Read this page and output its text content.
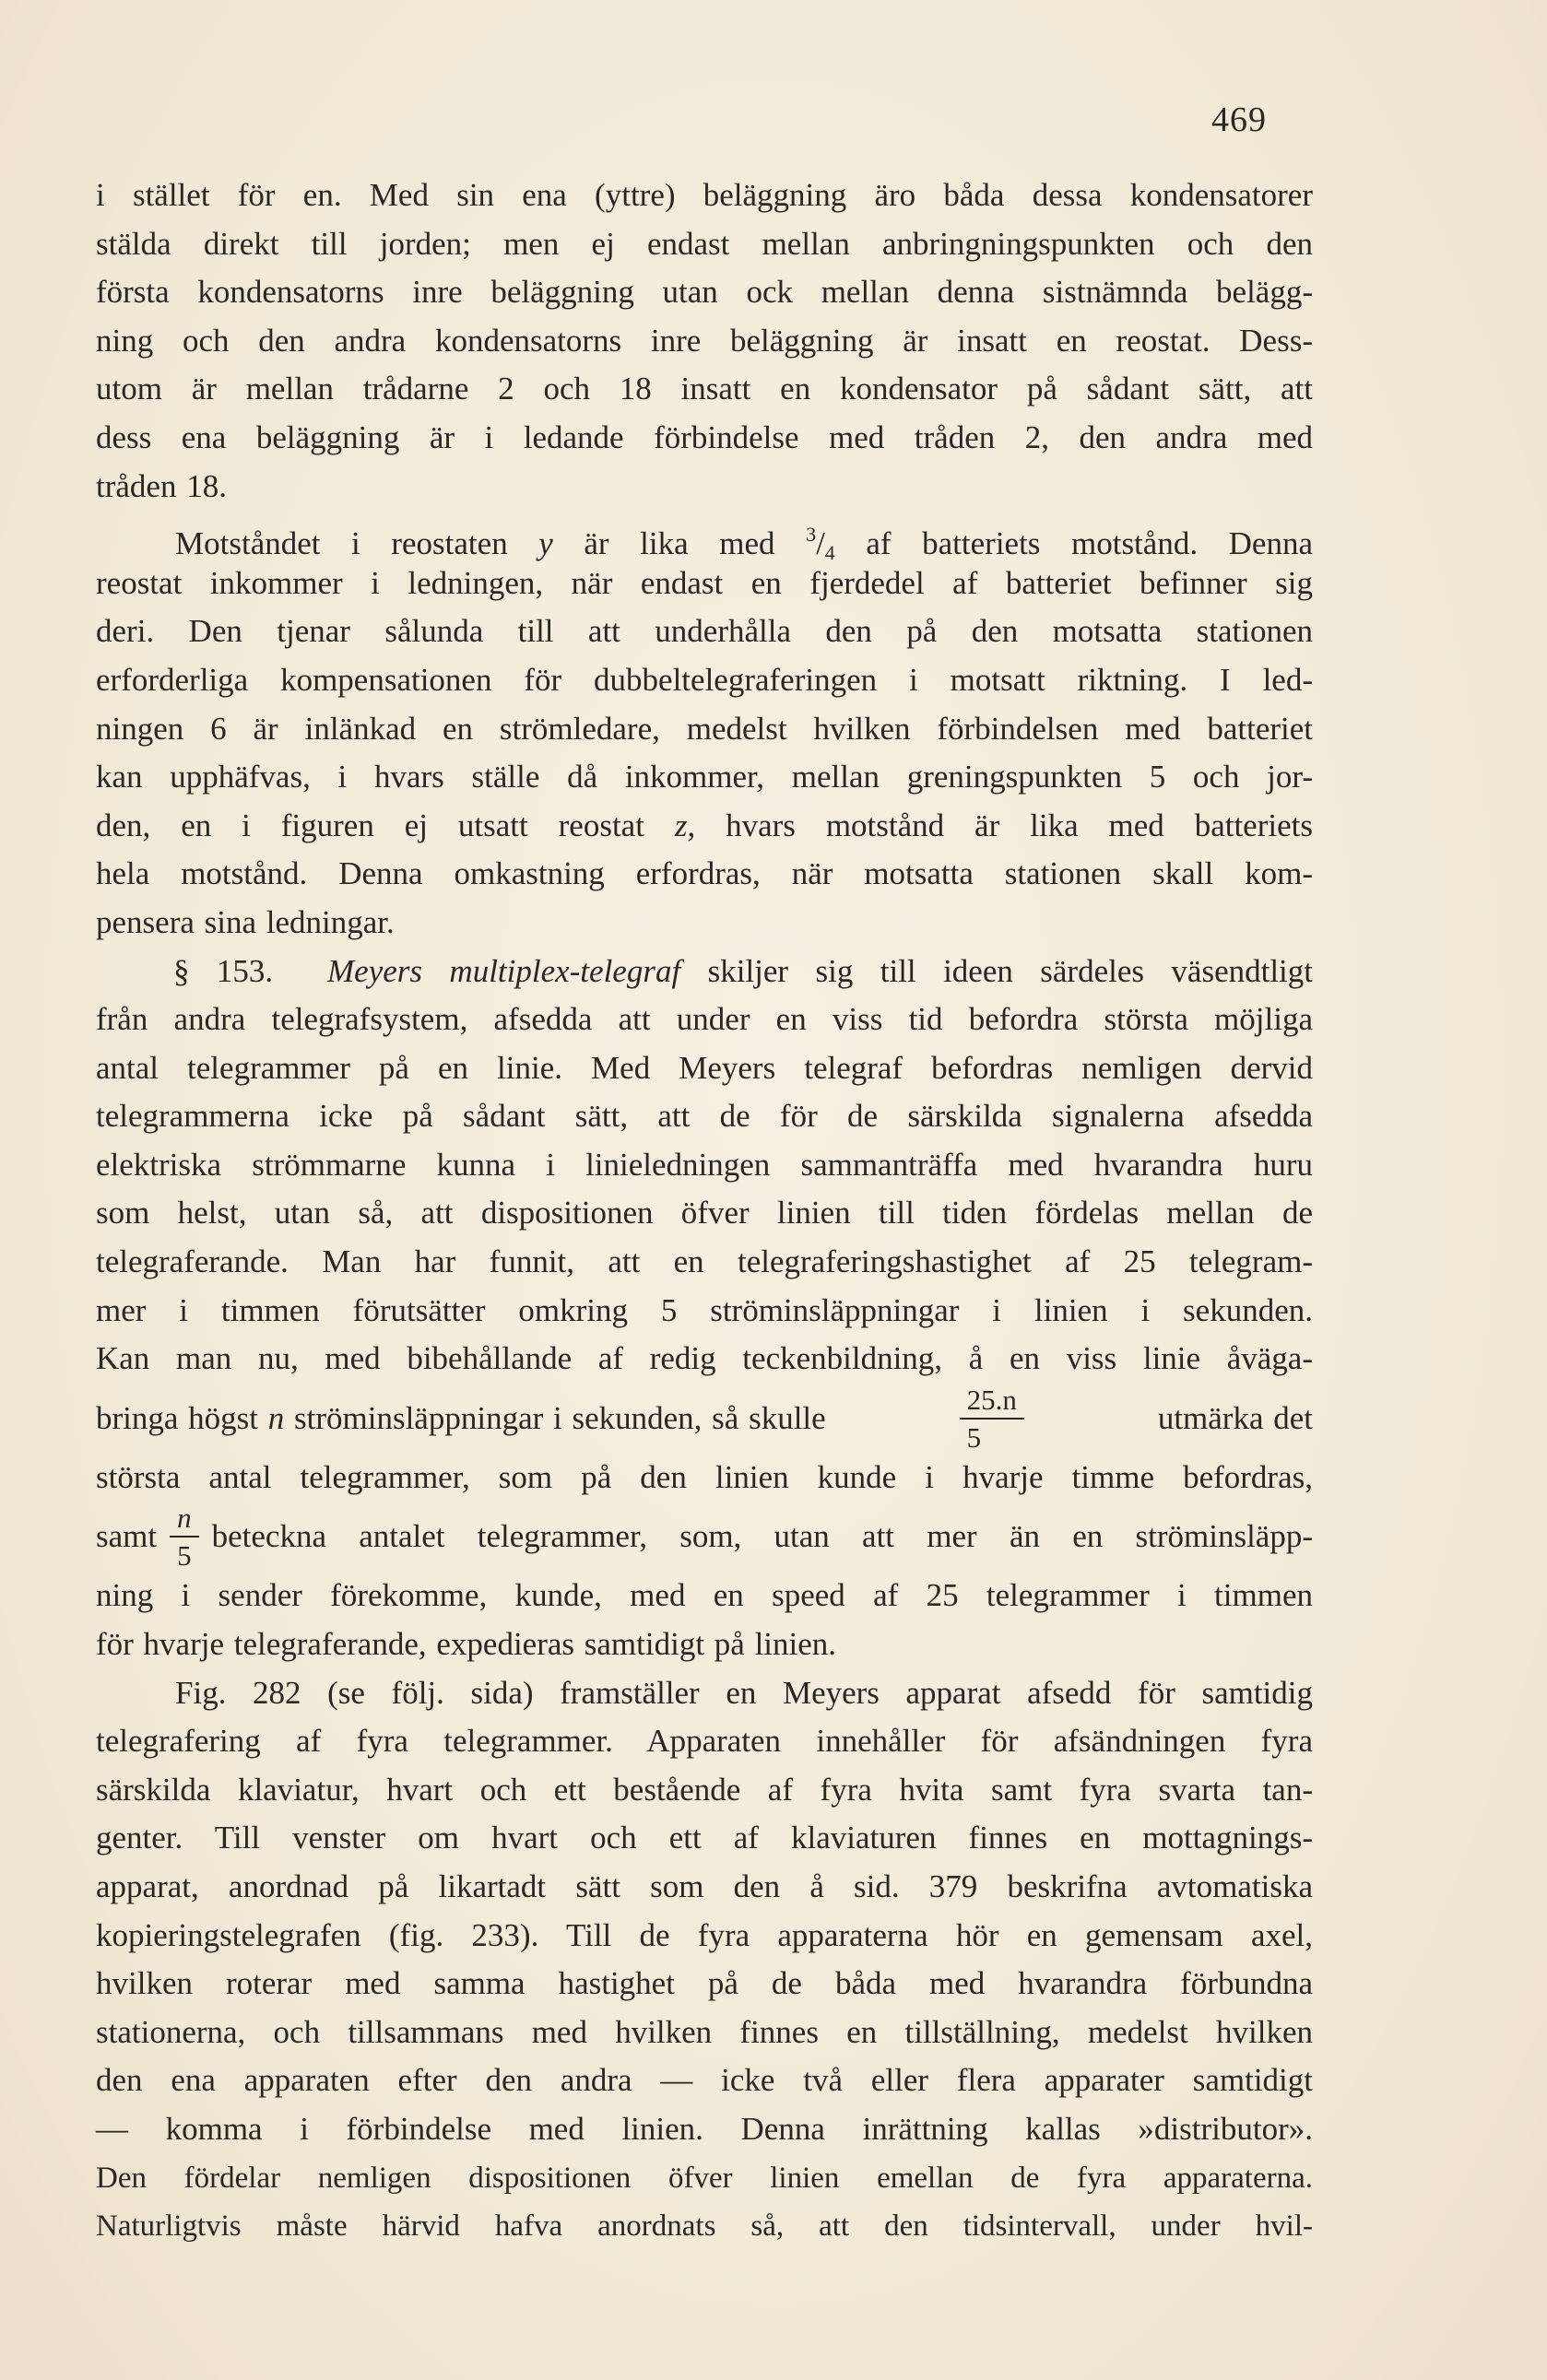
469
i stället för en. Med sin ena (yttre) beläggning äro båda dessa kondensatorer
stälda direkt till jorden; men ej endast mellan anbringningspunkten och den
första kondensatorns inre beläggning utan ock mellan denna sistnämnda belägg-
ning och den andra kondensatorns inre beläggning är insatt en reostat. Dess-
utom är mellan trådarne 2 och 18 insatt en kondensator på sådant sätt, att
dess ena beläggning är i ledande förbindelse med tråden 2, den andra med
tråden 18.
Motståndet i reostaten y är lika med $^3/_4$ af batteriets motstånd. Denna
reostat inkommer i ledningen, när endast en fjerdedel af batteriet befinner sig
deri. Den tjenar sålunda till att underhålla den på den motsatta stationen
erforderliga kompensationen för dubbeltelegraferingen i motsatt riktning. I led-
ningen 6 är inlänkad en strömledare, medelst hvilken förbindelsen med batteriet
kan upphäfvas, i hvars ställe då inkommer, mellan greningspunkten 5 och jor-
den, en i figuren ej utsatt reostat z, hvars motstånd är lika med batteriets
hela motstånd. Denna omkastning erfordras, när motsatta stationen skall kom-
pensera sina ledningar.
§ 153. Meyers multiplex-telegraf skiljer sig till ideen särdeles väsendtligt
från andra telegrafsystem, afsedda att under en viss tid befordra största möjliga
antal telegrammer på en linie. Med Meyers telegraf befordras nemligen dervid
telegrammerna icke på sådant sätt, att de för de särskilda signalerna afsedda
elektriska strömmarne kunna i linieledningen sammanträffa med hvarandra huru
som helst, utan så, att dispositionen öfver linien till tiden fördelas mellan de
telegraferande. Man har funnit, att en telegraferingshastighet af 25 telegram-
mer i timmen förutsätter omkring 5 ströminsläppningar i linien i sekunden.
Kan man nu, med bibehållande af redig teckenbildning, å en viss linie åväga-
bringa högst n ströminsläppningar i sekunden, så skulle	$\frac{25.n}{5}$	utmärka det
största antal telegrammer, som på den linien kunde i hvarje timme befordras,
samt $\frac{n}{5}$ beteckna antalet telegrammer, som, utan att mer än en ströminsläpp-
ning i sender förekomme, kunde, med en speed af 25 telegrammer i timmen
för hvarje telegraferande, expedieras samtidigt på linien.
Fig. 282 (se följ. sida) framställer en Meyers apparat afsedd för samtidig
telegrafering af fyra telegrammer. Apparaten innehåller för afsändningen fyra
särskilda klaviatur, hvart och ett bestående af fyra hvita samt fyra svarta tan-
genter. Till venster om hvart och ett af klaviaturen finnes en mottagnings-
apparat, anordnad på likartadt sätt som den å sid. 379 beskrifna avtomatiska
kopieringstelegrafen (fig. 233). Till de fyra apparaterna hör en gemensam axel,
hvilken roterar med samma hastighet på de båda med hvarandra förbundna
stationerna, och tillsammans med hvilken finnes en tillställning, medelst hvilken
den ena apparaten efter den andra — icke två eller flera apparater samtidigt
— komma i förbindelse med linien. Denna inrättning kallas »distributor».
Den fördelar nemligen dispositionen öfver linien emellan de fyra apparaterna.
Naturligtvis måste härvid hafva anordnats så, att den tidsintervall, under hvil-
